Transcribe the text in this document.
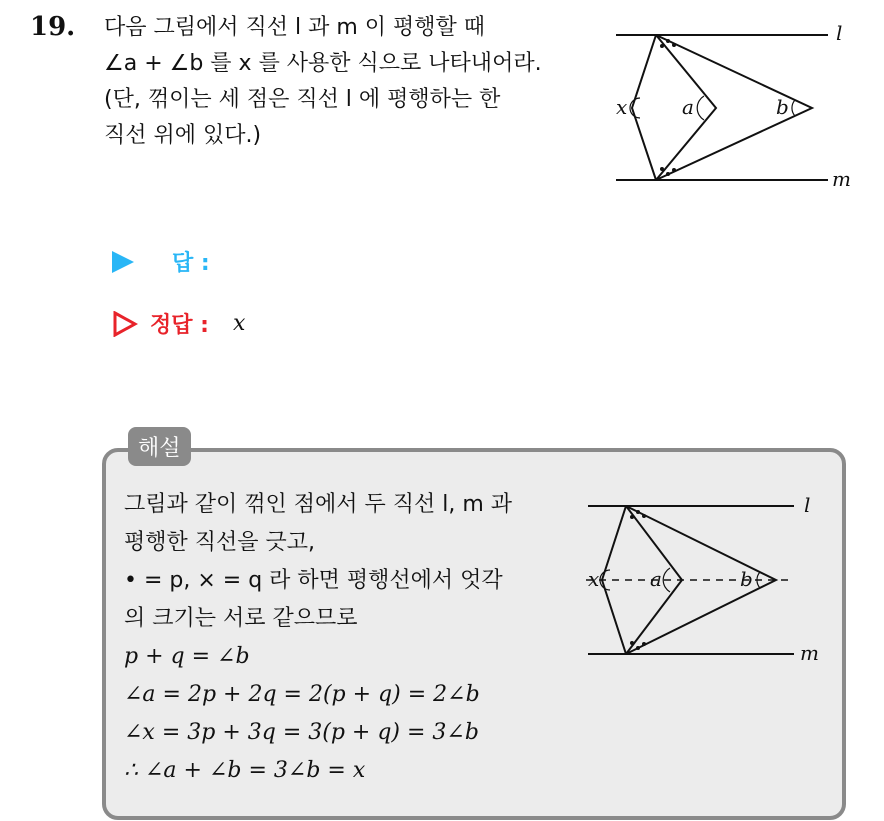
19. 다음 그림에서 직선 l 과 m 이 평행할 때
∠a + ∠b 를 x 를 사용한 식으로 나타내어라.
(단, 꺾이는 세 점은 직선 l 에 평행하는 한
직선 위에 있다.)
l
m
x	a	b
답 :
정답 : x
해설
그림과 같이 꺾인 점에서 두 직선 l, m 과
평행한 직선을 긋고,
• = p, × = q 라 하면 평행선에서 엇각
의 크기는 서로 같으므로
p + q = ∠b
∠a = 2p + 2q = 2(p + q) = 2∠b
∠x = 3p + 3q = 3(p + q) = 3∠b
∴ ∠a + ∠b = 3∠b = x
l
m
x	a	b
